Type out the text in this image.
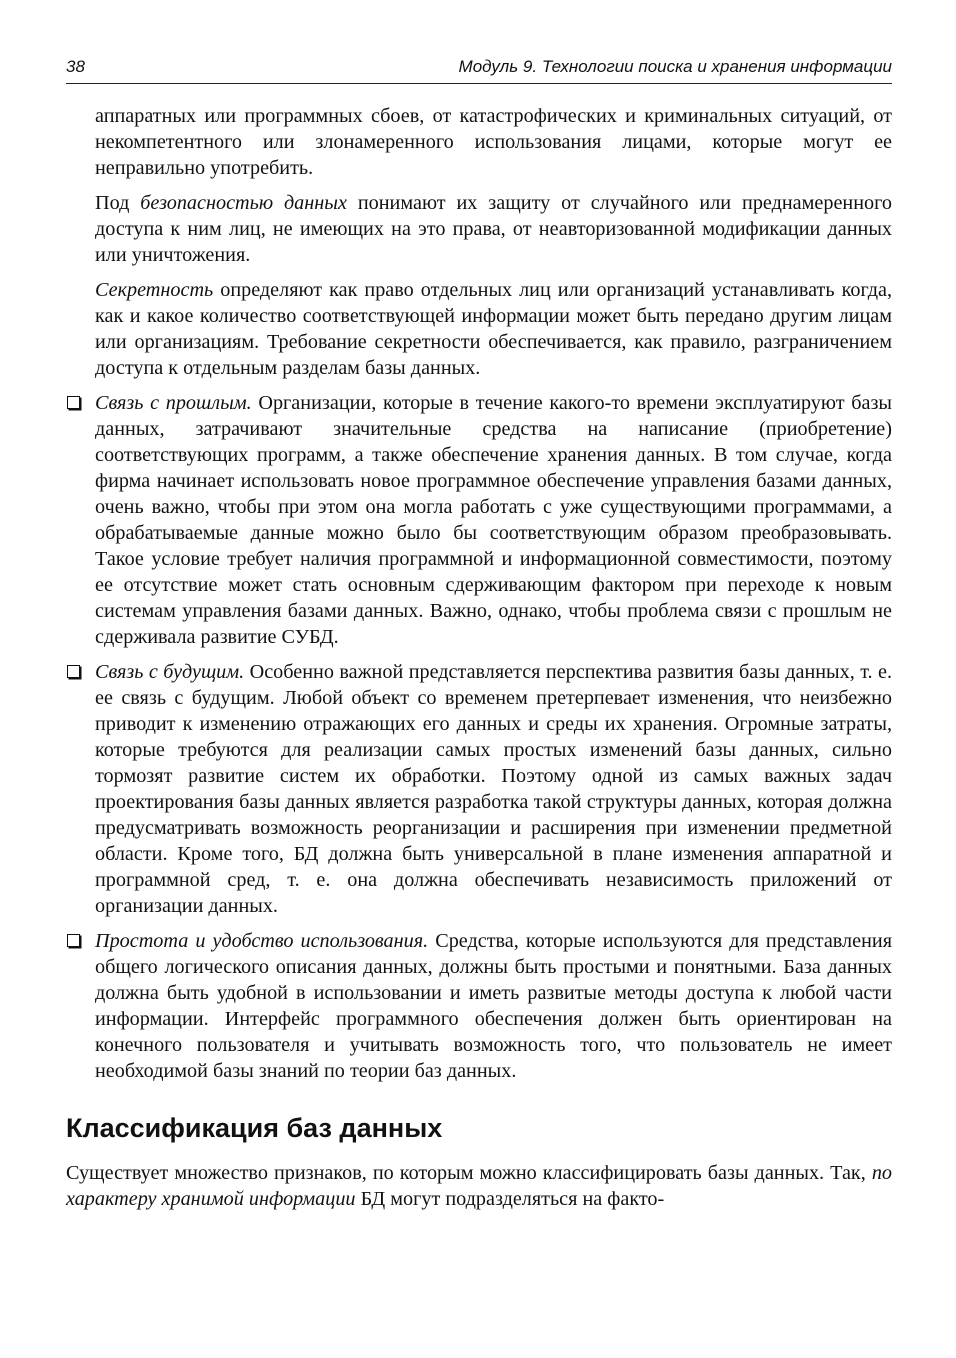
38	Модуль 9. Технологии поиска и хранения информации

аппаратных или программных сбоев, от катастрофических и криминальных ситуаций, от некомпетентного или злонамеренного использования лицами, которые могут ее неправильно употребить.

Под безопасностью данных понимают их защиту от случайного или преднамеренного доступа к ним лиц, не имеющих на это права, от неавторизованной модификации данных или уничтожения.

Секретность определяют как право отдельных лиц или организаций устанавливать когда, как и какое количество соответствующей информации может быть передано другим лицам или организациям. Требование секретности обеспечивается, как правило, разграничением доступа к отдельным разделам базы данных.

Связь с прошлым. Организации, которые в течение какого-то времени эксплуатируют базы данных, затрачивают значительные средства на написание (приобретение) соответствующих программ, а также обеспечение хранения данных. В том случае, когда фирма начинает использовать новое программное обеспечение управления базами данных, очень важно, чтобы при этом она могла работать с уже существующими программами, а обрабатываемые данные можно было бы соответствующим образом преобразовывать. Такое условие требует наличия программной и информационной совместимости, поэтому ее отсутствие может стать основным сдерживающим фактором при переходе к новым системам управления базами данных. Важно, однако, чтобы проблема связи с прошлым не сдерживала развитие СУБД.
Связь с будущим. Особенно важной представляется перспектива развития базы данных, т. е. ее связь с будущим. Любой объект со временем претерпевает изменения, что неизбежно приводит к изменению отражающих его данных и среды их хранения. Огромные затраты, которые требуются для реализации самых простых изменений базы данных, сильно тормозят развитие систем их обработки. Поэтому одной из самых важных задач проектирования базы данных является разработка такой структуры данных, которая должна предусматривать возможность реорганизации и расширения при изменении предметной области. Кроме того, БД должна быть универсальной в плане изменения аппаратной и программной сред, т. е. она должна обеспечивать независимость приложений от организации данных.
Простота и удобство использования. Средства, которые используются для представления общего логического описания данных, должны быть простыми и понятными. База данных должна быть удобной в использовании и иметь развитые методы доступа к любой части информации. Интерфейс программного обеспечения должен быть ориентирован на конечного пользователя и учитывать возможность того, что пользователь не имеет необходимой базы знаний по теории баз данных.
Классификация баз данных

Существует множество признаков, по которым можно классифицировать базы данных. Так, по характеру хранимой информации БД могут подразделяться на факто-
